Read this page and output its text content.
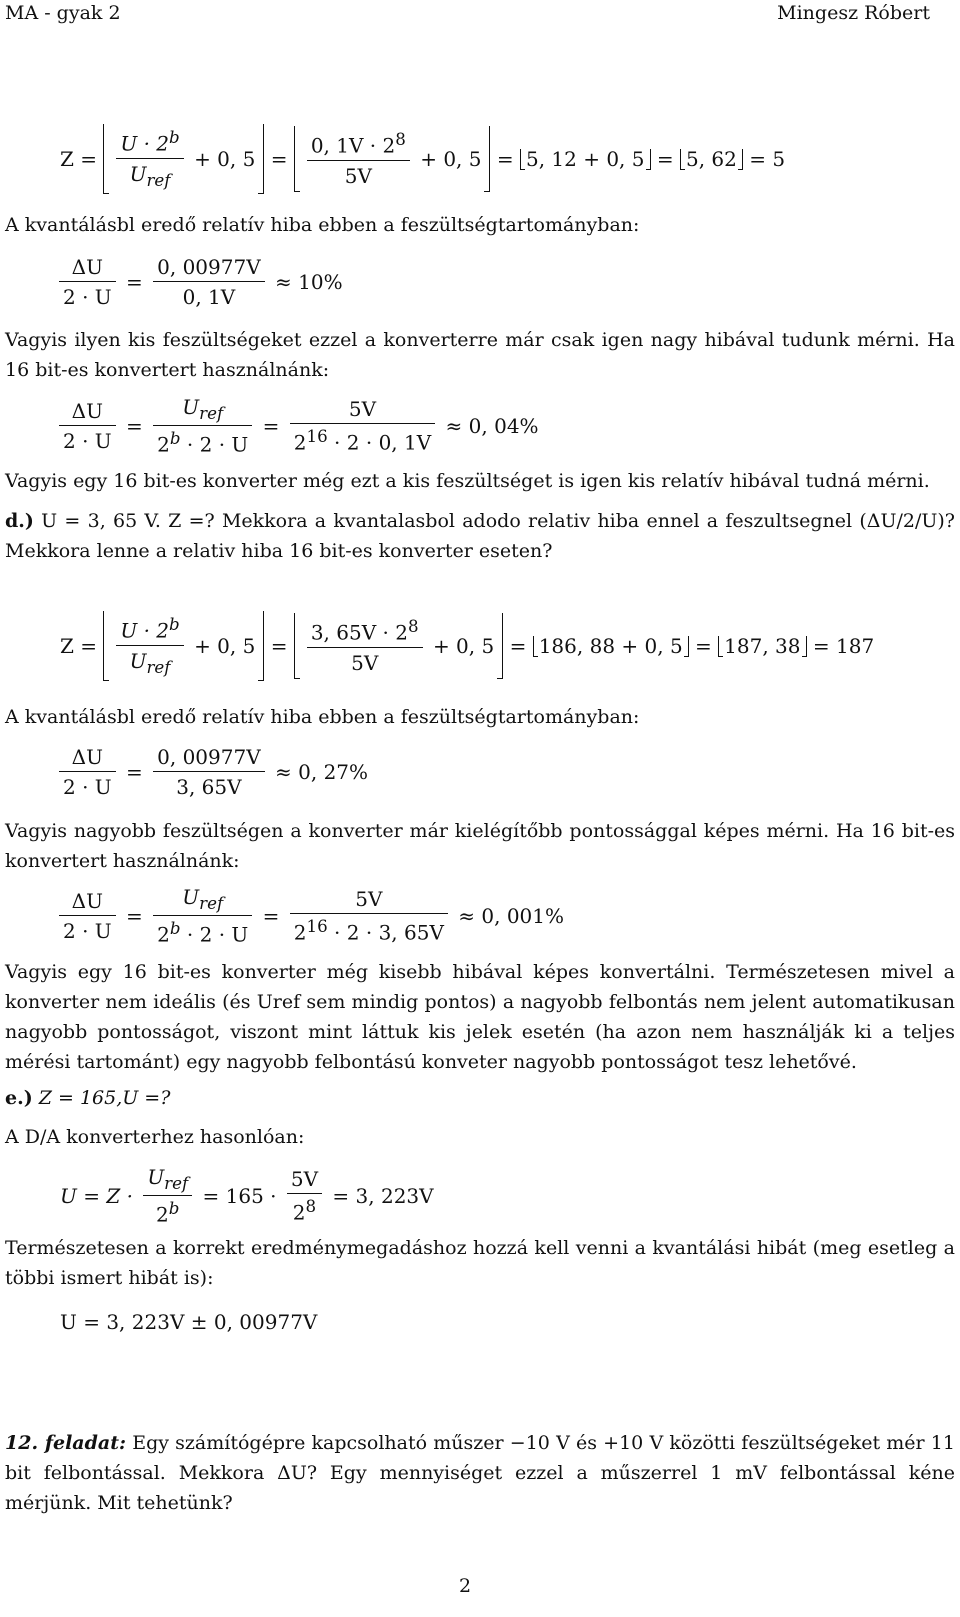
MA - gyak 2	Mingesz Róbert
$Z = \frac{U \cdot 2^b}{U_{ref}} + 0$, $5 = \frac{0, 1V \cdot 2^8}{5V} + 0$, 5 = 5, 12 + 0, 5 = 5, 62 = 5
A kvantálásbl eredő relatív hiba ebben a feszültségtartományban:
$\frac{\Delta U}{2 \cdot U} = \frac{0, 00977V}{0, 1V} \approx 10\%$
Vagyis ilyen kis feszültségeket ezzel a konverterre már csak igen nagy hibával tudunk mérni. Ha 16 bit-es konvertert használnánk:
$\frac{\Delta U}{2 \cdot U} = \frac{U_{ref}}{2^b \cdot 2 \cdot U} = \frac{5V}{2^{16} \cdot 2 \cdot 0, 1V} \approx 0$, 04%
Vagyis egy 16 bit-es konverter még ezt a kis feszültséget is igen kis relatív hibával tudná mérni.
d.) U = 3, 65 V. Z =? Mekkora a kvantalasbol adodo relativ hiba ennel a feszultsegnel (ΔU/2/U)? Mekkora lenne a relativ hiba 16 bit-es konverter eseten?
$Z = \frac{U \cdot 2^b}{U_{ref}} + 0$, $5 = \frac{3, 65V \cdot 2^8}{5V} + 0$, 5 = 186, 88 + 0, 5 = 187, 38 = 187
A kvantálásbl eredő relatív hiba ebben a feszültségtartományban:
$\frac{\Delta U}{2 \cdot U} = \frac{0, 00977V}{3, 65V} \approx 0$, 27%
Vagyis nagyobb feszültségen a konverter már kielégítőbb pontossággal képes mérni. Ha 16 bit-es konvertert használnánk:
$\frac{\Delta U}{2 \cdot U} = \frac{U_{ref}}{2^b \cdot 2 \cdot U} = \frac{5V}{2^{16} \cdot 2 \cdot 3, 65V} \approx 0$, 001%
Vagyis egy 16 bit-es konverter még kisebb hibával képes konvertálni. Természetesen mivel a konverter nem ideális (és Uref sem mindig pontos) a nagyobb felbontás nem jelent automatikusan nagyobb pontosságot, viszont mint láttuk kis jelek esetén (ha azon nem használják ki a teljes mérési tartománt) egy nagyobb felbontású konveter nagyobb pontosságot tesz lehetővé.
e.) Z = 165,U =?
A D/A konverterhez hasonlóan:
$U = Z \cdot \frac{U_{ref}}{2^b} = 165 \cdot \frac{5V}{2^8} = 3$, 223V
Természetesen a korrekt eredménymegadáshoz hozzá kell venni a kvantálási hibát (meg esetleg a többi ismert hibát is):
U = 3, 223V ± 0, 00977V
12. feladat: Egy számítógépre kapcsolható műszer −10 V és +10 V közötti feszültségeket mér 11 bit felbontással. Mekkora ΔU? Egy mennyiséget ezzel a műszerrel 1 mV felbontással kéne mérjünk. Mit tehetünk?
2
